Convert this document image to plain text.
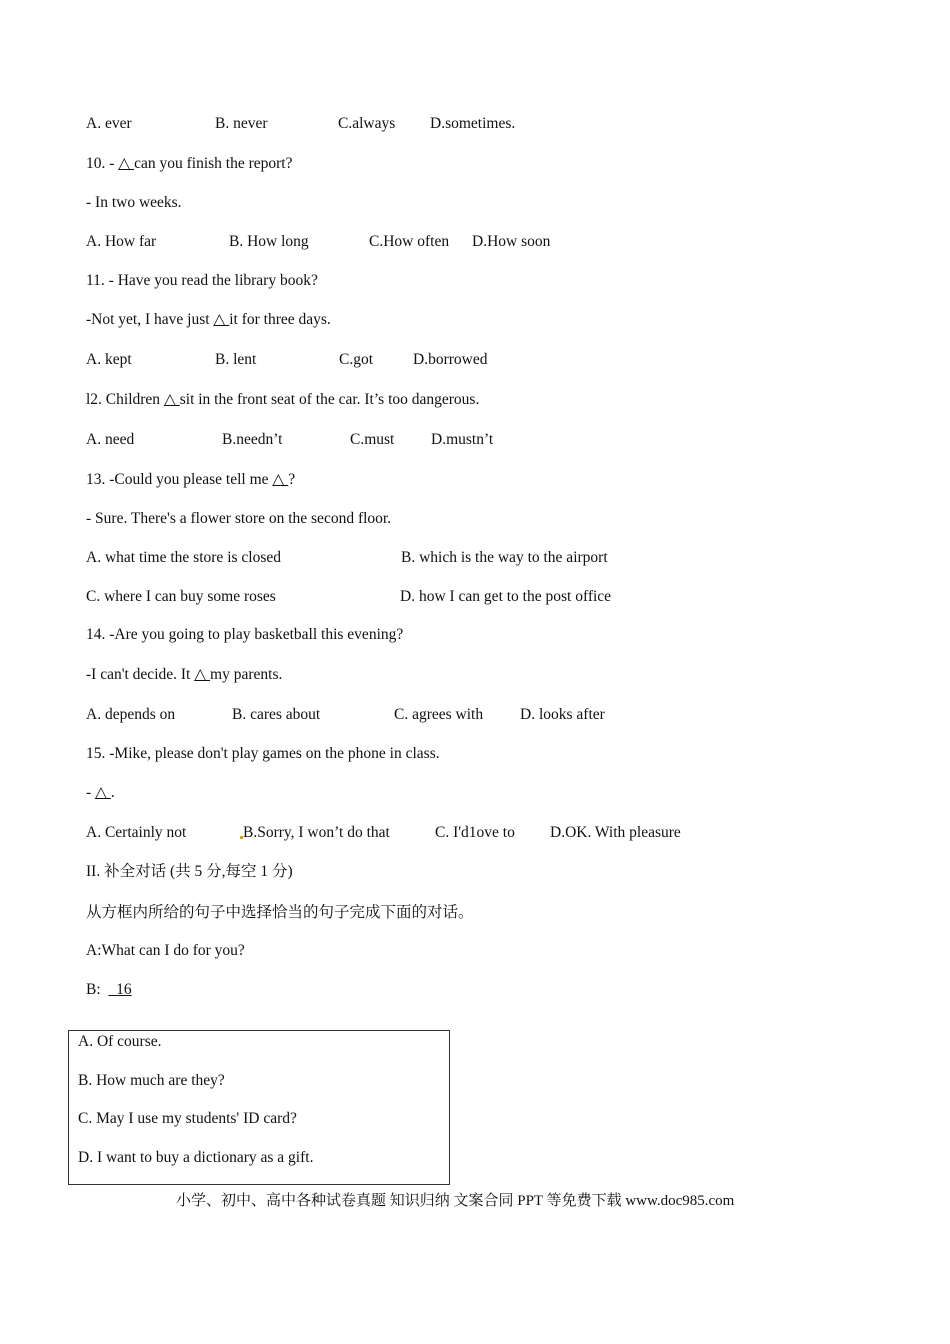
A. ever	B. never	C.always D.sometimes.
10. - △ can you finish the report?
- In two weeks.
A. How far	B. How long	C.How often D.How soon
11. - Have you read the library book?
-Not yet, I have just △ it for three days.
A. kept	B. lent	C.got	D.borrowed
l2. Children △ sit in the front seat of the car. It’s too dangerous.
A. need	B.needn’t	C.must D.mustn’t
13. -Could you please tell me △ ?
- Sure. There's a flower store on the second floor.
A. what time the store is closed	B. which is the way to the airport
C. where I can buy some roses	D. how I can get to the post office
14. -Are you going to play basketball this evening?
-I can't decide. It △ my parents.
A. depends on	B. cares about	C. agrees with D. looks after
15. -Mike, please don't play games on the phone in class.
- △ .
A. Certainly not	B.Sorry, I won’t do that	C. I'd1ove to D.OK. With pleasure
II. 补全对话 (共 5 分,每空 1 分)
从方框内所给的句子中选择恰当的句子完成下面的对话。
A:What can I do for you?
B: 16
A. Of course.
B. How much are they?
C. May I use my students' ID card?
D. I want to buy a dictionary as a gift.
小学、初中、高中各种试卷真题 知识归纳 文案合同 PPT 等免费下载 www.doc985.com
